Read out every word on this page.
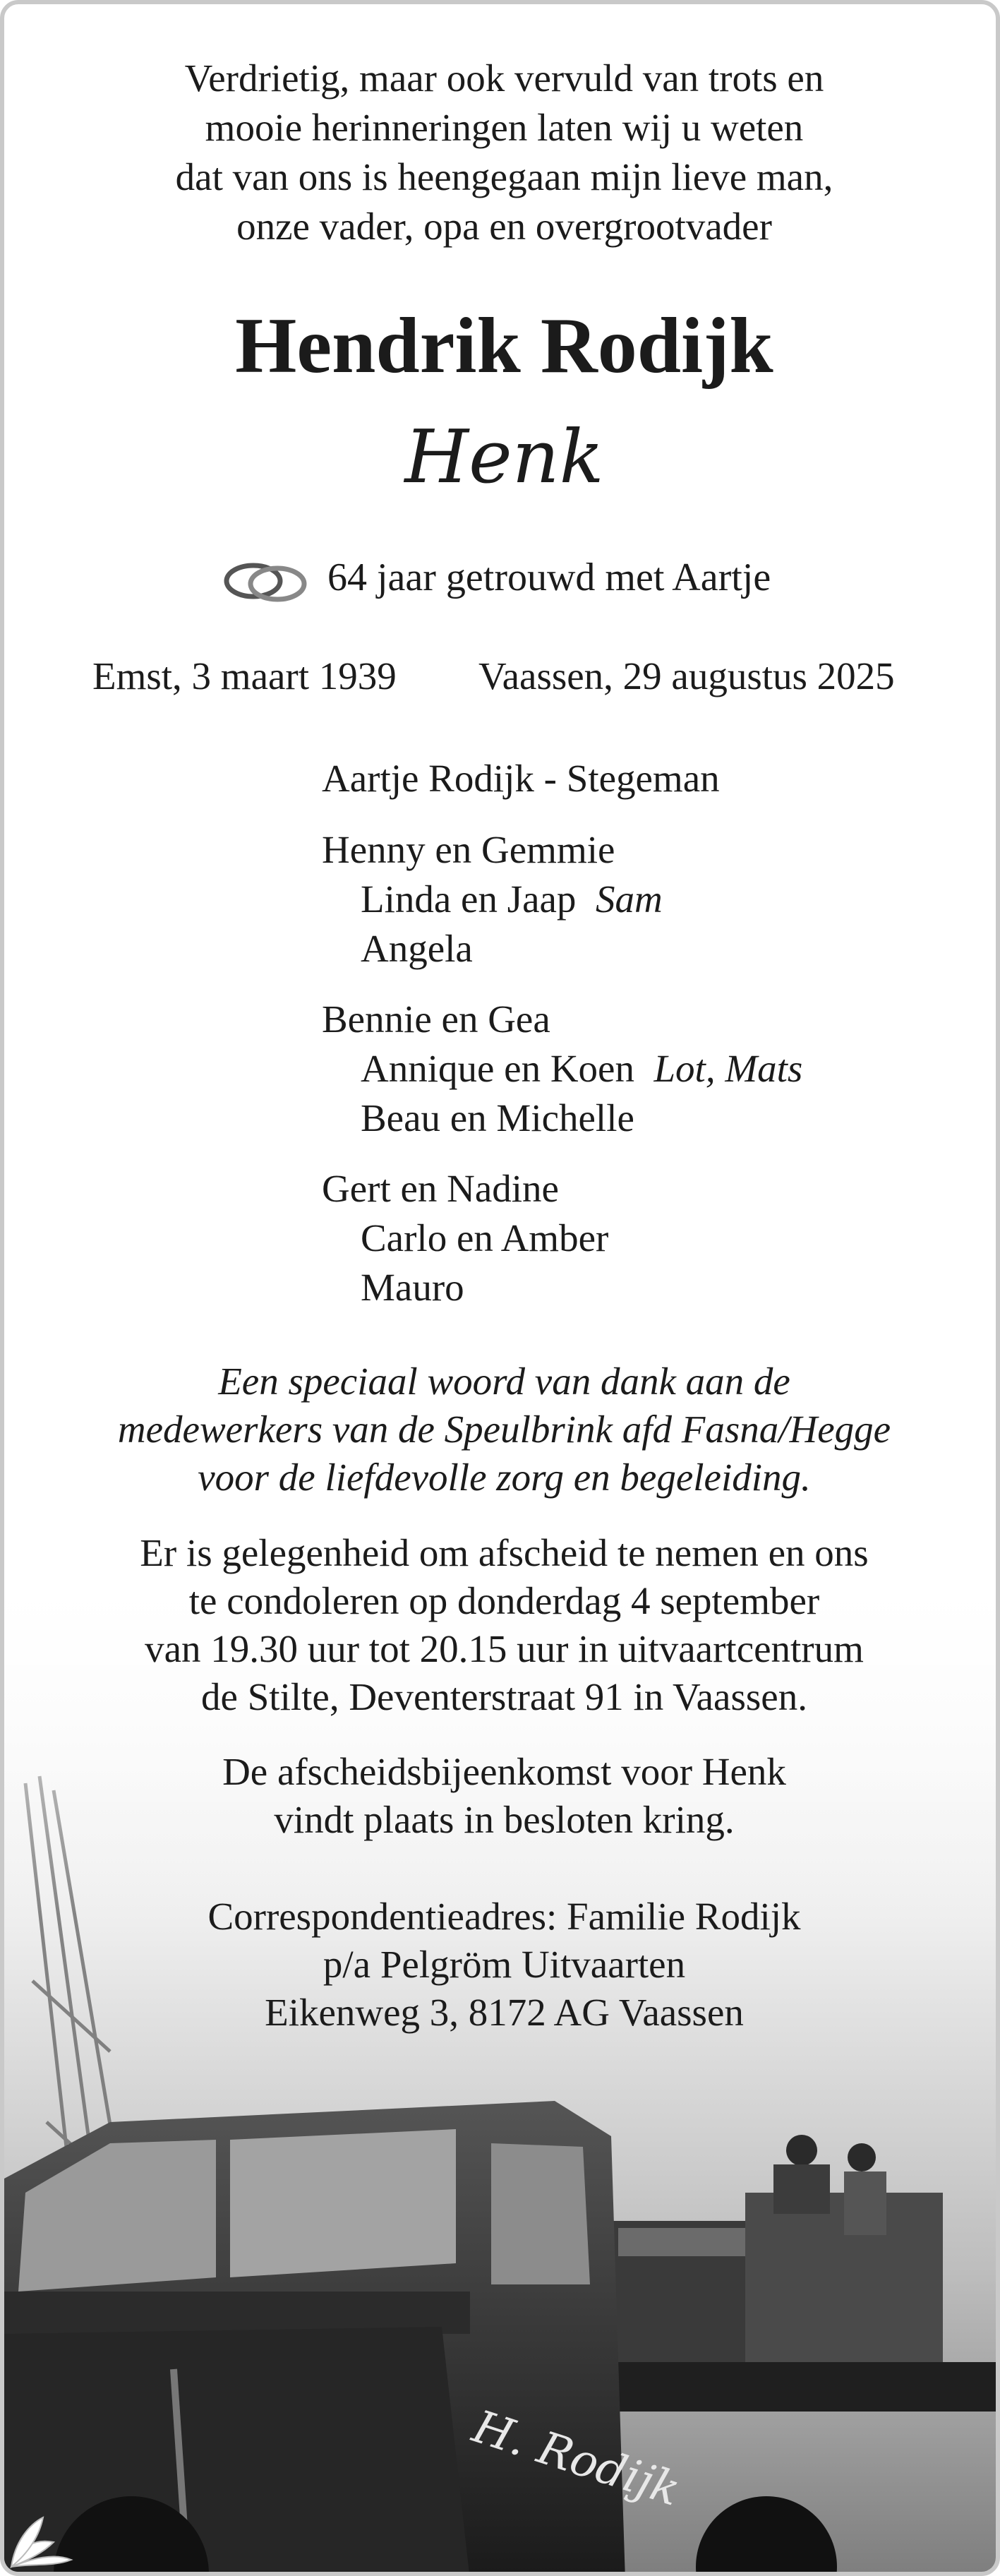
Verdrietig, maar ook vervuld van trots en
mooie herinneringen laten wij u weten
dat van ons is heengegaan mijn lieve man,
onze vader, opa en overgrootvader
Hendrik Rodijk
Henk
64 jaar getrouwd met Aartje
Emst, 3 maart 1939 Vaassen, 29 augustus 2025
Aartje Rodijk - Stegeman
Henny en Gemmie
Linda en Jaap Sam
Angela
Bennie en Gea
Annique en Koen Lot, Mats
Beau en Michelle
Gert en Nadine
Carlo en Amber
Mauro
Een speciaal woord van dank aan de
medewerkers van de Speulbrink afd Fasna/Hegge
voor de liefdevolle zorg en begeleiding.
Er is gelegenheid om afscheid te nemen en ons
te condoleren op donderdag 4 september
van 19.30 uur tot 20.15 uur in uitvaartcentrum
de Stilte, Deventerstraat 91 in Vaassen.
De afscheidsbijeenkomst voor Henk
vindt plaats in besloten kring.
Correspondentieadres: Familie Rodijk
p/a Pelgröm Uitvaarten
Eikenweg 3, 8172 AG Vaassen
